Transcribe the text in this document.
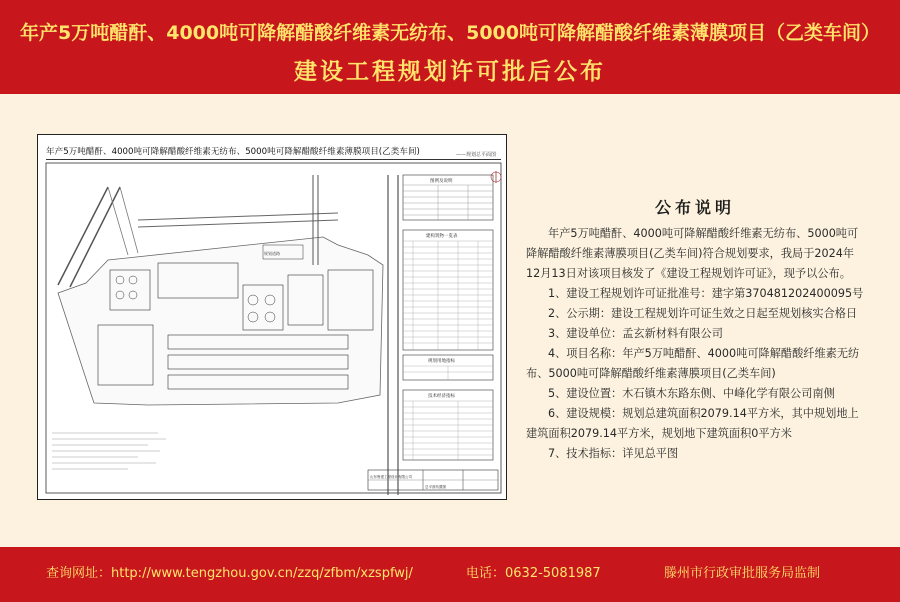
年产5万吨醋酐、4000吨可降解醋酸纤维素无纺布、5000吨可降解醋酸纤维素薄膜项目（乙类车间）
建设工程规划许可批后公布
年产5万吨醋酐、4000吨可降解醋酸纤维素无纺布、5000吨可降解醋酸纤维素薄膜项目(乙类车间)	——规划总平面图
规划道路
图例及说明
建构筑物一览表
规划用地指标
技术经济指标
山东鲁建工程设计有限公司
总平面布置图
公布说明

年产5万吨醋酐、4000吨可降解醋酸纤维素无纺布、5000吨可降解醋酸纤维素薄膜项目(乙类车间)符合规划要求，我局于2024年12月13日对该项目核发了《建设工程规划许可证》，现予以公布。

1、建设工程规划许可证批准号：建字第370481202400095号

2、公示期：建设工程规划许可证生效之日起至规划核实合格日

3、建设单位：孟玄新材料有限公司

4、项目名称：年产5万吨醋酐、4000吨可降解醋酸纤维素无纺布、5000吨可降解醋酸纤维素薄膜项目(乙类车间)

5、建设位置：木石镇木东路东侧、中峰化学有限公司南侧

6、建设规模：规划总建筑面积2079.14平方米，其中规划地上建筑面积2079.14平方米，规划地下建筑面积0平方米

7、技术指标：详见总平图

查询网址：http://www.tengzhou.gov.cn/zzq/zfbm/xzspfwj/	电话：0632-5081987	滕州市行政审批服务局监制
